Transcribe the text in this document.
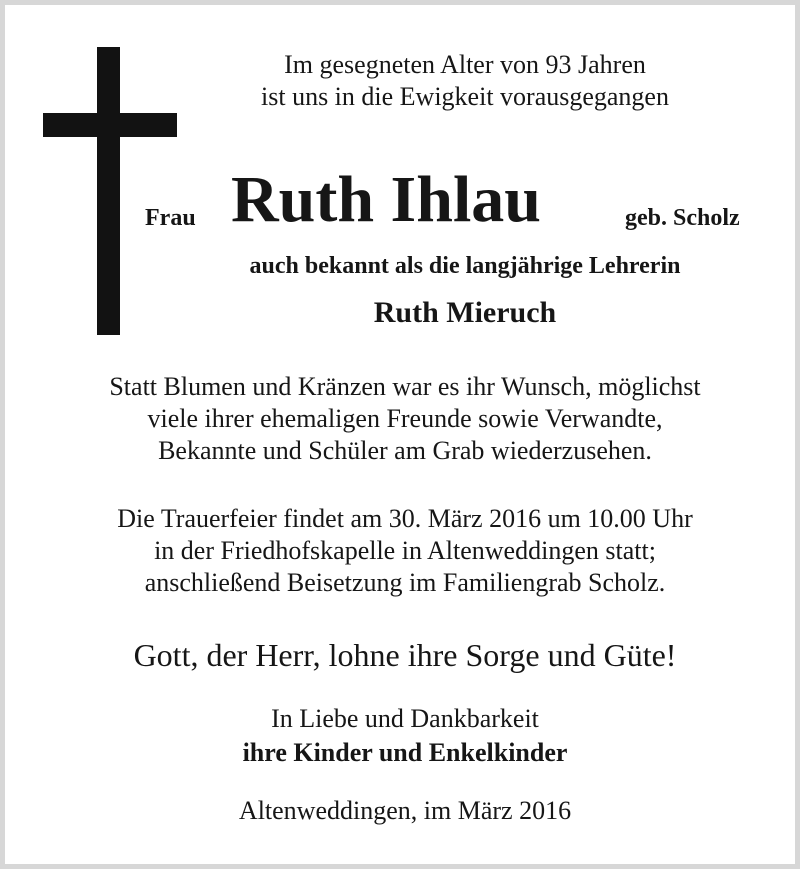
Im gesegneten Alter von 93 Jahren
ist uns in die Ewigkeit vorausgegangen
Frau Ruth Ihlau	geb. Scholz
auch bekannt als die langjährige Lehrerin
Ruth Mieruch
Statt Blumen und Kränzen war es ihr Wunsch, möglichst
viele ihrer ehemaligen Freunde sowie Verwandte,
Bekannte und Schüler am Grab wiederzusehen.
Die Trauerfeier findet am 30. März 2016 um 10.00 Uhr
in der Friedhofskapelle in Altenweddingen statt;
anschließend Beisetzung im Familiengrab Scholz.
Gott, der Herr, lohne ihre Sorge und Güte!
In Liebe und Dankbarkeit
ihre Kinder und Enkelkinder
Altenweddingen, im März 2016
